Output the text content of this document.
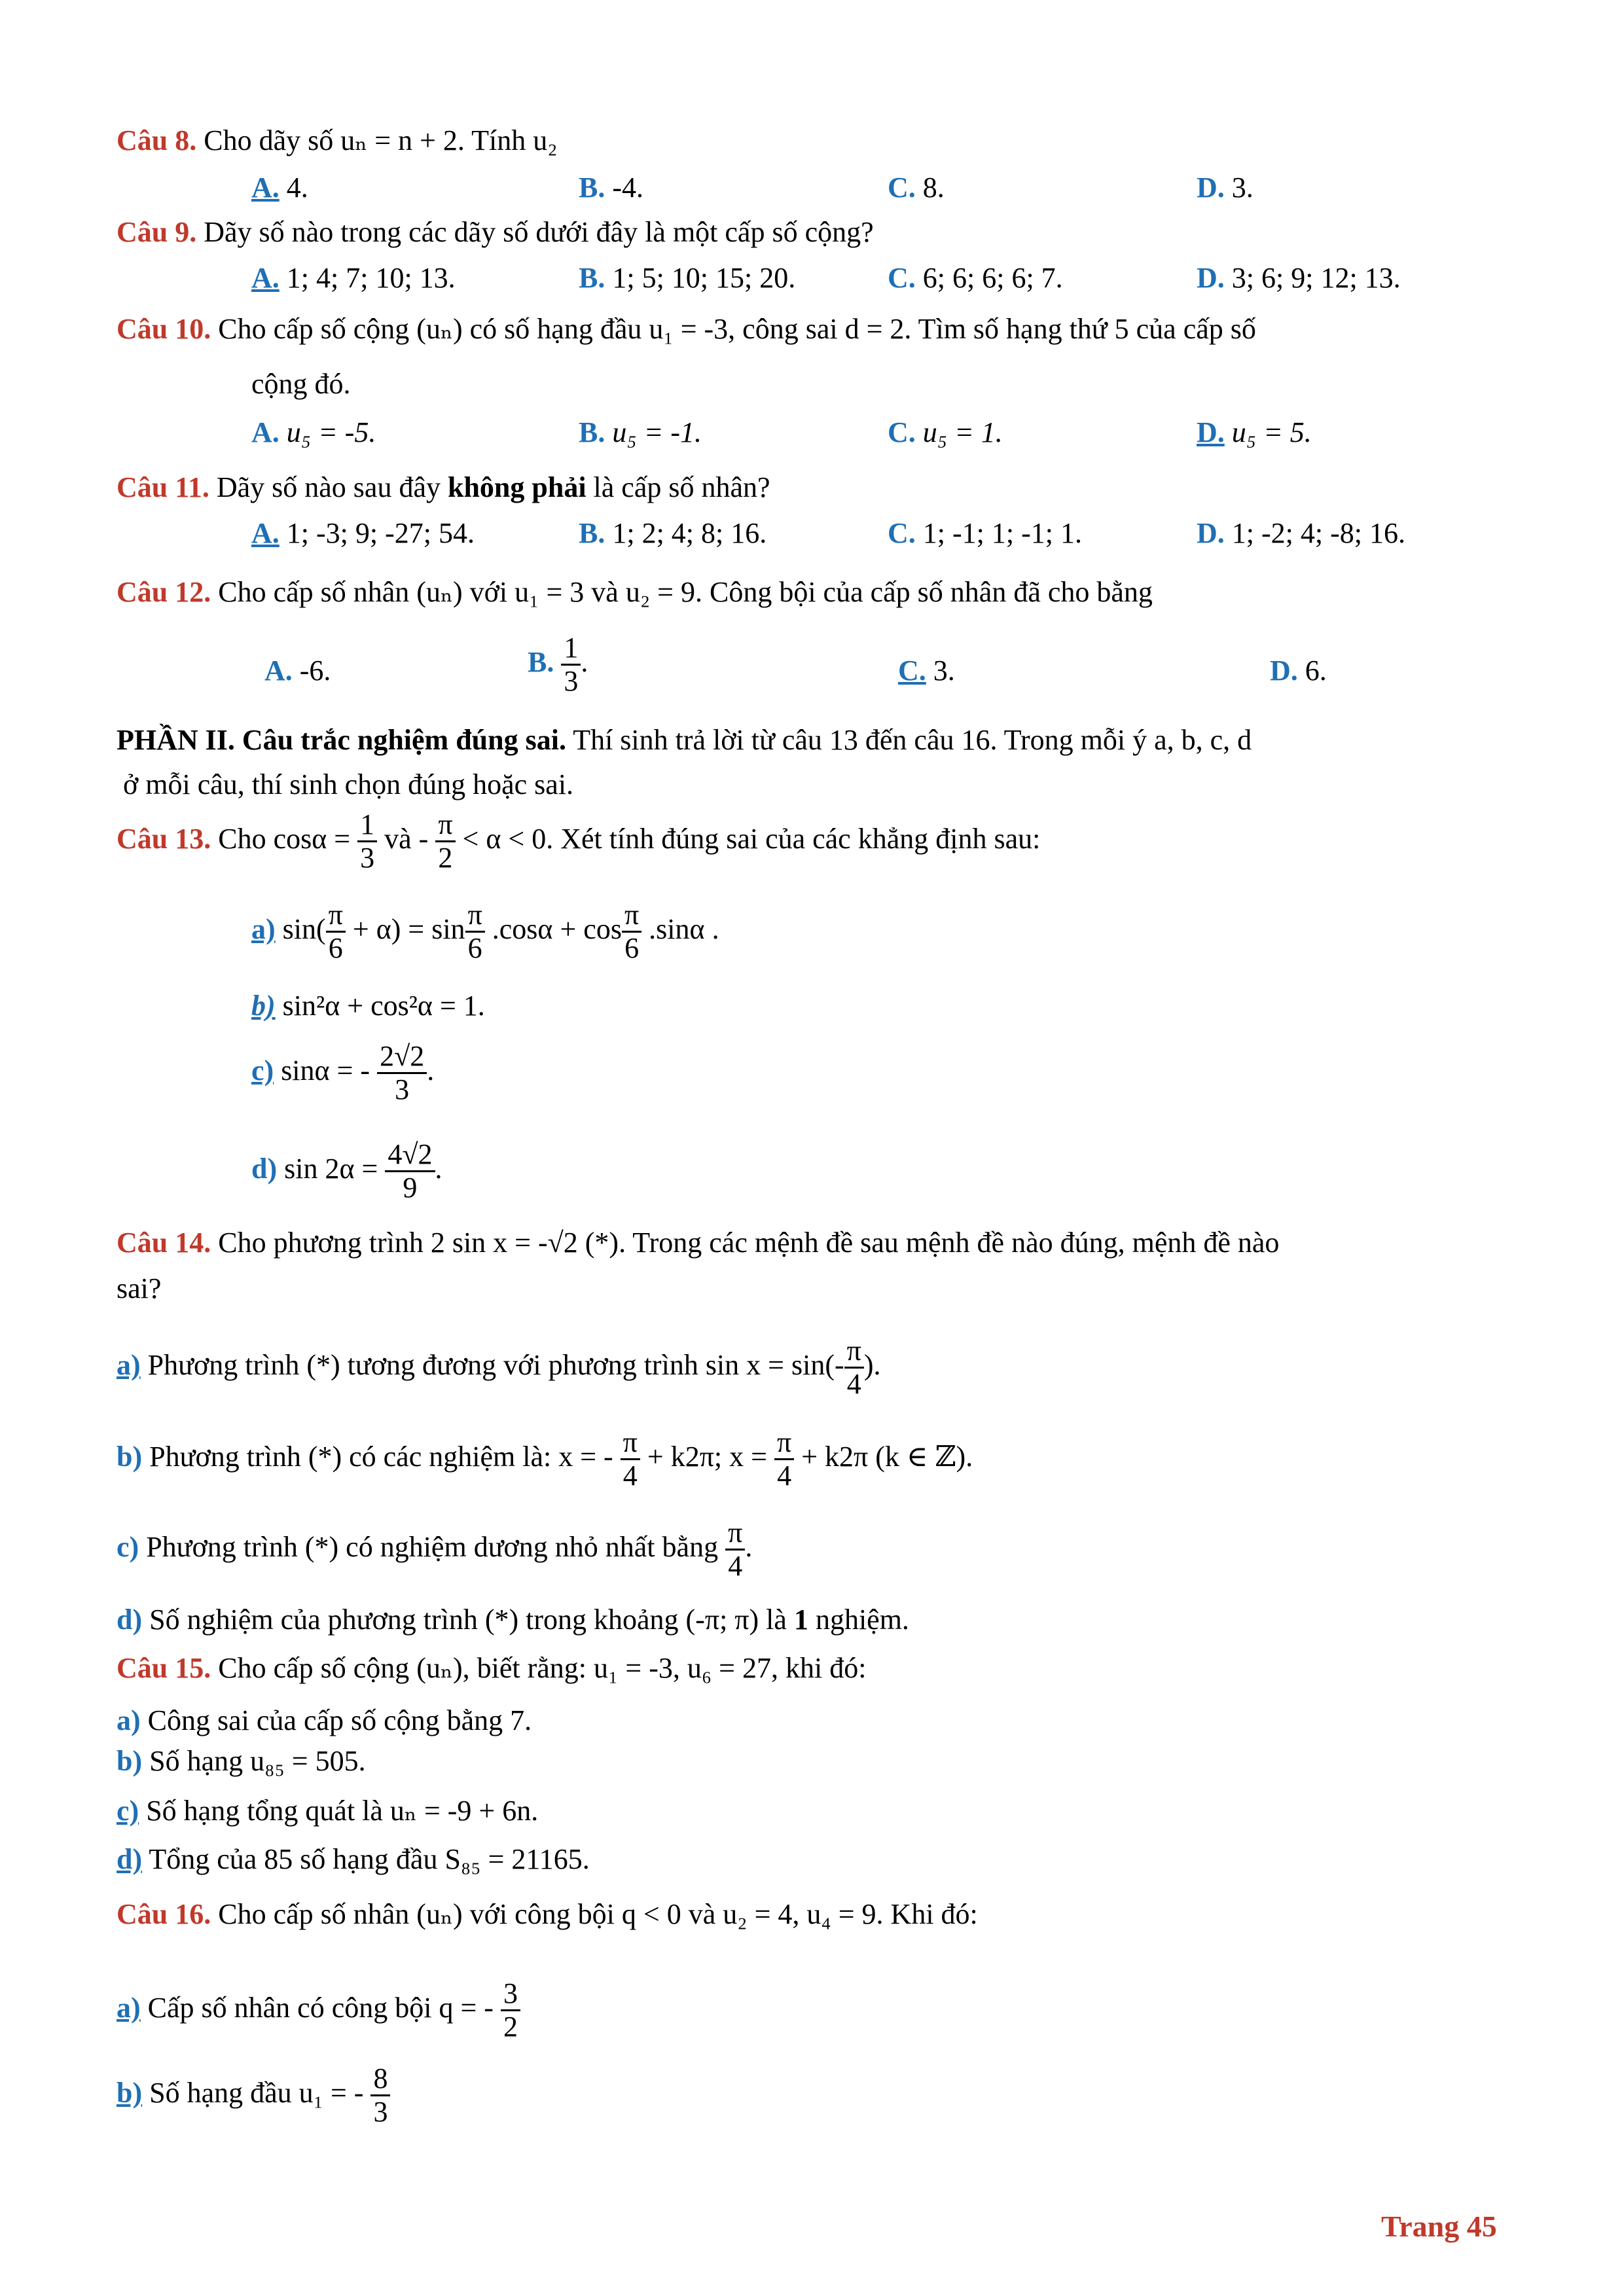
Câu 8. Cho dãy số uₙ = n + 2. Tính u₂
A. 4.	B. -4.	C. 8.	D. 3.
Câu 9. Dãy số nào trong các dãy số dưới đây là một cấp số cộng?
A. 1; 4; 7; 10; 13.	B. 1; 5; 10; 15; 20.	C. 6; 6; 6; 6; 7.	D. 3; 6; 9; 12; 13.
Câu 10. Cho cấp số cộng (uₙ) có số hạng đầu u₁ = -3, công sai d = 2. Tìm số hạng thứ 5 của cấp số
cộng đó.
A. u₅ = -5.	B. u₅ = -1.	C. u₅ = 1.	D. u₅ = 5.
Câu 11. Dãy số nào sau đây không phải là cấp số nhân?
A. 1; -3; 9; -27; 54.	B. 1; 2; 4; 8; 16.	C. 1; -1; 1; -1; 1.	D. 1; -2; 4; -8; 16.
Câu 12. Cho cấp số nhân (uₙ) với u₁ = 3 và u₂ = 9. Công bội của cấp số nhân đã cho bằng
A. -6.	B. $\frac{1}{3}$ .	C. 3.	D. 6.
PHẦN II. Câu trắc nghiệm đúng sai. Thí sinh trả lời từ câu 13 đến câu 16. Trong mỗi ý a, b, c, d
ở mỗi câu, thí sinh chọn đúng hoặc sai.
Câu 13. Cho $\cos\alpha = \frac{1}{3}$ và - $\frac{\pi}{2} < \alpha < 0$. Xét tính đúng sai của các khẳng định sau:
a) $\sin( \frac{\pi}{6} + \alpha) = \sin \frac{\pi}{6} .\cos\alpha + \cos \frac{\pi}{6} .\sin\alpha$ .
b) sin²α + cos²α = 1.
c) sinα = - $\frac{2√2}{3}$ .
d) $\sin 2\alpha = \frac{4√2}{9}$ .
Câu 14. Cho phương trình 2 sin x = -√2 (*). Trong các mệnh đề sau mệnh đề nào đúng, mệnh đề nào
sai?
a) Phương trình (*) tương đương với phương trình $\sin x = \sin(- \frac{\pi}{4}$ ).
b) Phương trình (*) có các nghiệm là: x = - $\frac{\pi}{4} + k2\pi$; $x = \frac{\pi}{4} + k2\pi$ (k ∈ ℤ).
c) Phương trình (*) có nghiệm dương nhỏ nhất bằng $\frac{\pi}{4}$ .
d) Số nghiệm của phương trình (*) trong khoảng (-π; π) là 1 nghiệm.
Câu 15. Cho cấp số cộng (uₙ), biết rằng: u₁ = -3, u₆ = 27, khi đó:
a) Công sai của cấp số cộng bằng 7.
b) Số hạng u₈₅ = 505.
c) Số hạng tổng quát là uₙ = -9 + 6n.
d) Tổng của 85 số hạng đầu S₈₅ = 21165.
Câu 16. Cho cấp số nhân (uₙ) với công bội q < 0 và u₂ = 4, u₄ = 9. Khi đó:
a) Cấp số nhân có công bội q = - $\frac{3}{2}$
b) Số hạng đầu u₁ = - $\frac{8}{3}$
Trang 45
